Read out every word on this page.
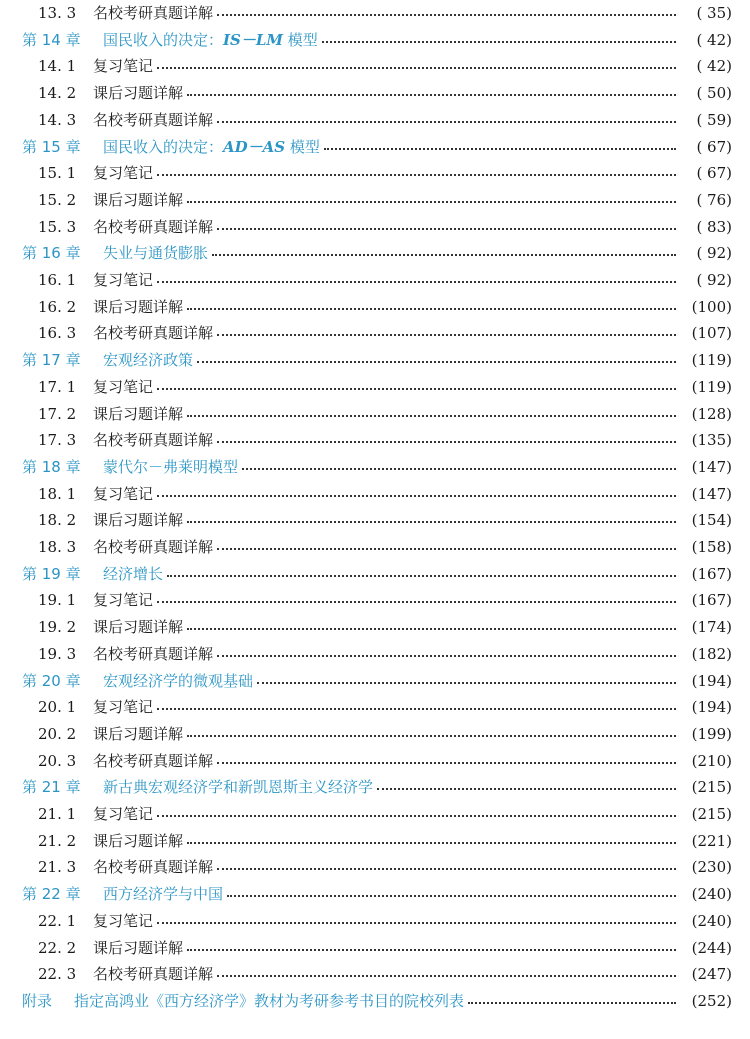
13. 3 名校考研真题详解	( 35)
第 14 章 国民收入的决定：IS－LM 模型	( 42)
14. 1 复习笔记	( 42)
14. 2 课后习题详解	( 50)
14. 3 名校考研真题详解	( 59)
第 15 章 国民收入的决定：AD－AS 模型	( 67)
15. 1 复习笔记	( 67)
15. 2 课后习题详解	( 76)
15. 3 名校考研真题详解	( 83)
第 16 章 失业与通货膨胀	( 92)
16. 1 复习笔记	( 92)
16. 2 课后习题详解	(100)
16. 3 名校考研真题详解	(107)
第 17 章 宏观经济政策	(119)
17. 1 复习笔记	(119)
17. 2 课后习题详解	(128)
17. 3 名校考研真题详解	(135)
第 18 章 蒙代尔－弗莱明模型	(147)
18. 1 复习笔记	(147)
18. 2 课后习题详解	(154)
18. 3 名校考研真题详解	(158)
第 19 章 经济增长	(167)
19. 1 复习笔记	(167)
19. 2 课后习题详解	(174)
19. 3 名校考研真题详解	(182)
第 20 章 宏观经济学的微观基础	(194)
20. 1 复习笔记	(194)
20. 2 课后习题详解	(199)
20. 3 名校考研真题详解	(210)
第 21 章 新古典宏观经济学和新凯恩斯主义经济学	(215)
21. 1 复习笔记	(215)
21. 2 课后习题详解	(221)
21. 3 名校考研真题详解	(230)
第 22 章 西方经济学与中国	(240)
22. 1 复习笔记	(240)
22. 2 课后习题详解	(244)
22. 3 名校考研真题详解	(247)
附录 指定高鸿业《西方经济学》教材为考研参考书目的院校列表	(252)
